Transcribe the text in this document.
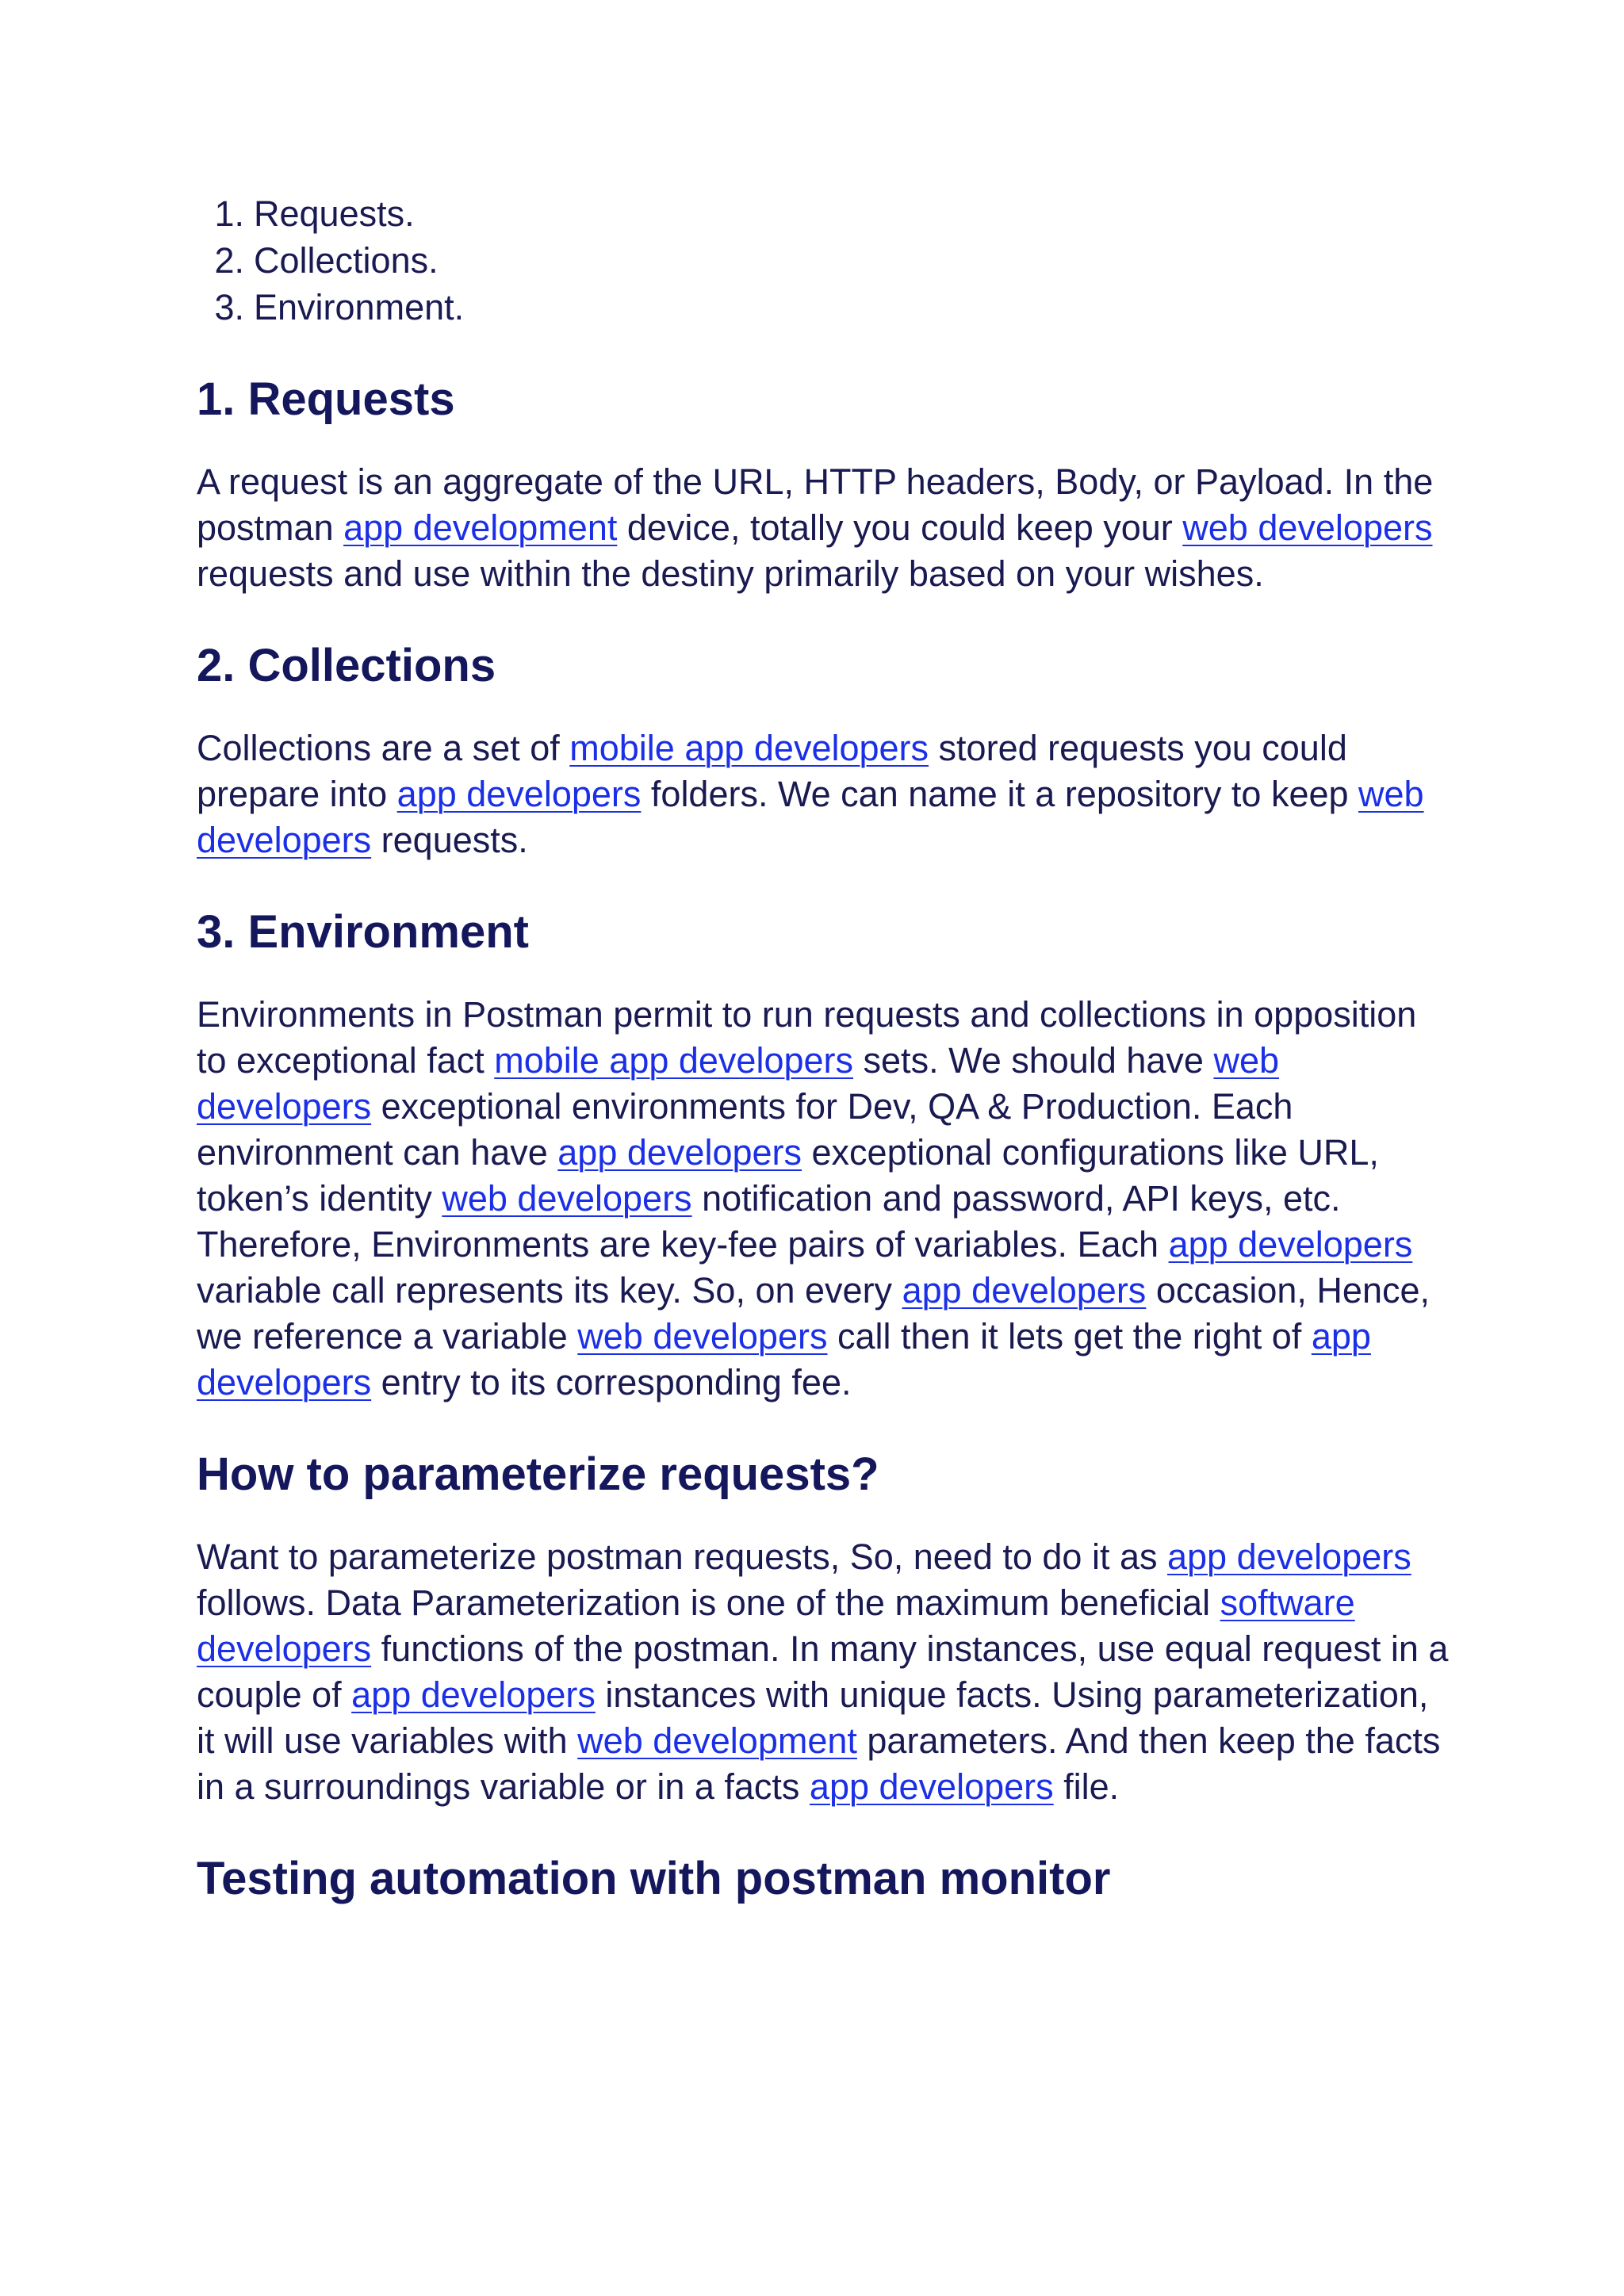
1. Requests.
2. Collections.
3. Environment.
1. Requests

A request is an aggregate of the URL, HTTP headers, Body, or Payload. In the postman app development device, totally you could keep your web developers requests and use within the destiny primarily based on your wishes.

2. Collections

Collections are a set of mobile app developers stored requests you could prepare into app developers folders. We can name it a repository to keep web developers requests.

3. Environment

Environments in Postman permit to run requests and collections in opposition to exceptional fact mobile app developers sets. We should have web developers exceptional environments for Dev, QA & Production. Each environment can have app developers exceptional configurations like URL, token’s identity web developers notification and password, API keys, etc. Therefore, Environments are key-fee pairs of variables. Each app developers variable call represents its key. So, on every app developers occasion, Hence, we reference a variable web developers call then it lets get the right of app developers entry to its corresponding fee.

How to parameterize requests?

Want to parameterize postman requests, So, need to do it as app developers follows. Data Parameterization is one of the maximum beneficial software developers functions of the postman. In many instances, use equal request in a couple of app developers instances with unique facts. Using parameterization, it will use variables with web development parameters. And then keep the facts in a surroundings variable or in a facts app developers file.

Testing automation with postman monitor
